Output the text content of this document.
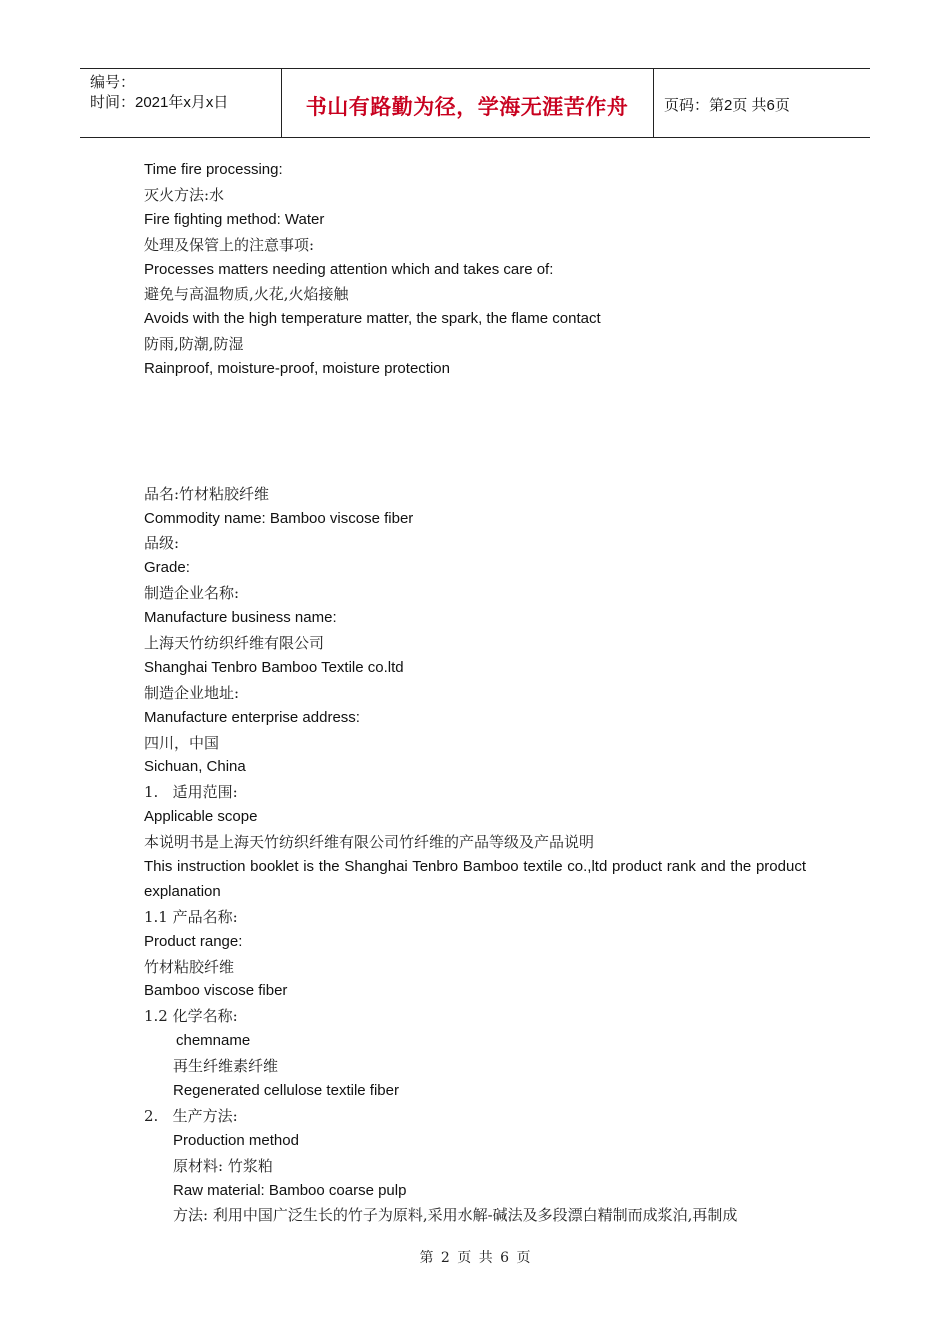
编号：
时间：2021年x月x日	书山有路勤为径，学海无涯苦作舟	页码：第2页 共6页
Time fire processing:
灭火方法:水
Fire fighting method: Water
处理及保管上的注意事项:
Processes matters needing attention which and takes care of:
避免与高温物质,火花,火焰接触
Avoids with the high temperature matter, the spark, the flame contact
防雨,防潮,防湿
Rainproof, moisture-proof, moisture protection
品名:竹材粘胶纤维
Commodity name: Bamboo viscose fiber
品级:
Grade:
制造企业名称:
Manufacture business name:
上海天竹纺织纤维有限公司
Shanghai Tenbro Bamboo Textile co.ltd
制造企业地址:
Manufacture enterprise address:
四川，中国
Sichuan, China
1.   适用范围:
Applicable scope
本说明书是上海天竹纺织纤维有限公司竹纤维的产品等级及产品说明
This instruction booklet is the Shanghai Tenbro Bamboo textile co.,ltd product rank and the product explanation
1.1 产品名称:
Product range:
竹材粘胶纤维
Bamboo viscose fiber
1.2 化学名称:
chemname
再生纤维素纤维
Regenerated cellulose textile fiber
2.   生产方法:
Production method
原材料: 竹浆粕
Raw material: Bamboo coarse pulp
方法: 利用中国广泛生长的竹子为原料,采用水解-碱法及多段漂白精制而成浆泊,再制成
第 2 页 共 6 页
